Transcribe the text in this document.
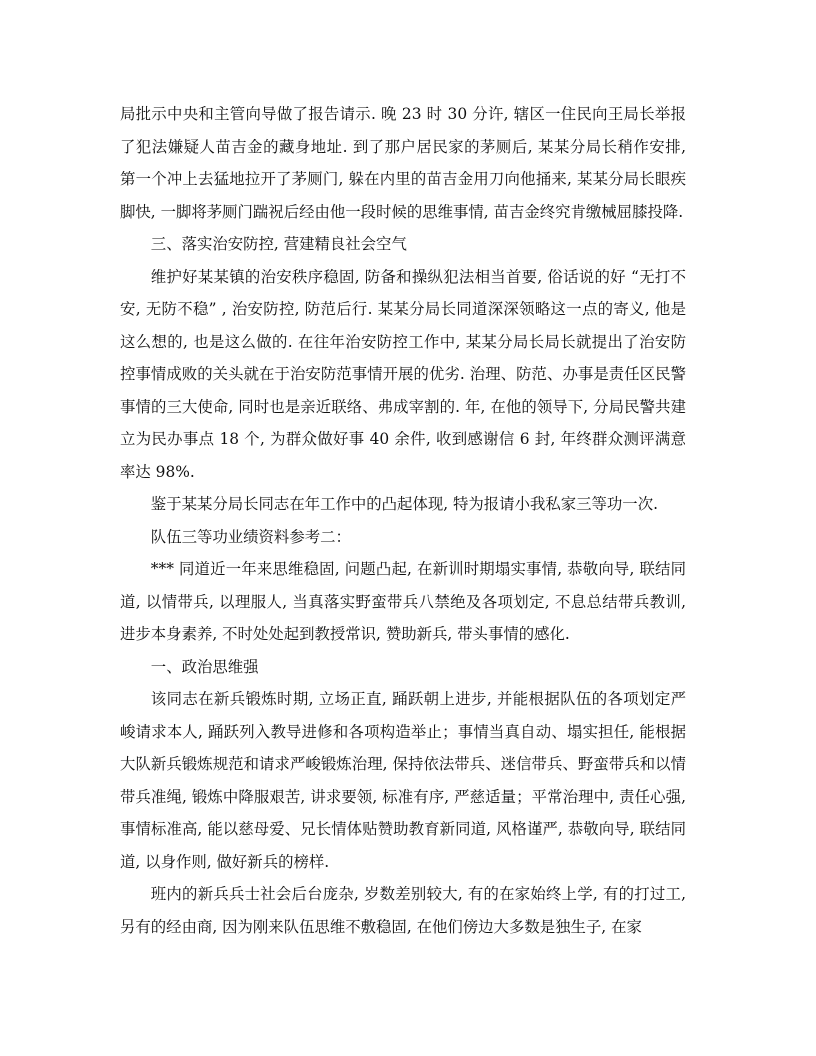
局批示中央和主管向导做了报告请示. 晚 23 时 30 分许, 辖区一住民向王局长举报了犯法嫌疑人苗吉金的藏身地址. 到了那户居民家的茅厕后, 某某分局长稍作安排, 第一个冲上去猛地拉开了茅厕门, 躲在内里的苗吉金用刀向他捅来, 某某分局长眼疾脚快, 一脚将茅厕门踹祝后经由他一段时候的思维事情, 苗吉金终究肯缴械屈膝投降.

三、落实治安防控, 营建精良社会空气

维护好某某镇的治安秩序稳固, 防备和操纵犯法相当首要, 俗话说的好 “无打不安, 无防不稳” , 治安防控, 防范后行. 某某分局长同道深深领略这一点的寄义, 他是这么想的, 也是这么做的. 在往年治安防控工作中, 某某分局长局长就提出了治安防控事情成败的关头就在于治安防范事情开展的优劣. 治理、防范、办事是责任区民警事情的三大使命, 同时也是亲近联络、弗成宰割的. 年, 在他的领导下, 分局民警共建立为民办事点 18 个, 为群众做好事 40 余件, 收到感谢信 6 封, 年终群众测评满意率达 98%.

鉴于某某分局长同志在年工作中的凸起体现, 特为报请小我私家三等功一次.

队伍三等功业绩资料参考二：

*** 同道近一年来思维稳固, 问题凸起, 在新训时期塌实事情, 恭敬向导, 联结同道, 以情带兵, 以理服人, 当真落实野蛮带兵八禁绝及各项划定, 不息总结带兵教训, 进步本身素养, 不时处处起到教授常识, 赞助新兵, 带头事情的感化.

一、政治思维强

该同志在新兵锻炼时期, 立场正直, 踊跃朝上进步, 并能根据队伍的各项划定严峻请求本人, 踊跃列入教导进修和各项构造举止；事情当真自动、塌实担任, 能根据大队新兵锻炼规范和请求严峻锻炼治理, 保持依法带兵、迷信带兵、野蛮带兵和以情带兵准绳, 锻炼中降服艰苦, 讲求要领, 标准有序, 严慈适量；平常治理中, 责任心强, 事情标准高, 能以慈母爱、兄长情体贴赞助教育新同道, 风格谨严, 恭敬向导, 联结同道, 以身作则, 做好新兵的榜样.

班内的新兵兵士社会后台庞杂, 岁数差别较大, 有的在家始终上学, 有的打过工, 另有的经由商, 因为刚来队伍思维不敷稳固, 在他们傍边大多数是独生子, 在家
